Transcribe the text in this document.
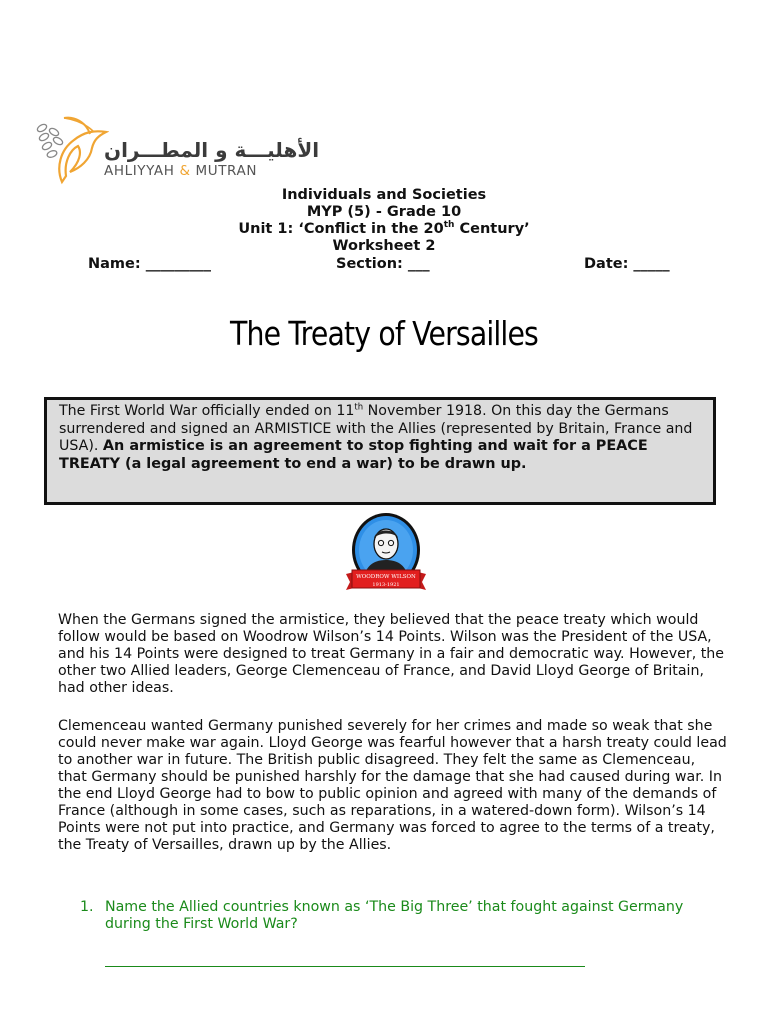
الأهليـــة و المطـــران
AHLIYYAH & MUTRAN
Individuals and Societies
MYP (5) - Grade 10
Unit 1: ‘Conflict in the 20th Century’
Worksheet 2
Name: _________	Section: ___	Date: _____
The Treaty of Versailles
The First World War officially ended on 11th November 1918. On this day the Germans surrendered and signed an ARMISTICE with the Allies (represented by Britain, France and USA). An armistice is an agreement to stop fighting and wait for a PEACE TREATY (a legal agreement to end a war) to be drawn up.
WOODROW WILSON
1913-1921
When the Germans signed the armistice, they believed that the peace treaty which would follow would be based on Woodrow Wilson’s 14 Points. Wilson was the President of the USA, and his 14 Points were designed to treat Germany in a fair and democratic way. However, the other two Allied leaders, George Clemenceau of France, and David Lloyd George of Britain, had other ideas.
Clemenceau wanted Germany punished severely for her crimes and made so weak that she could never make war again. Lloyd George was fearful however that a harsh treaty could lead to another war in future. The British public disagreed. They felt the same as Clemenceau, that Germany should be punished harshly for the damage that she had caused during war. In the end Lloyd George had to bow to public opinion and agreed with many of the demands of France (although in some cases, such as reparations, in a watered-down form). Wilson’s 14 Points were not put into practice, and Germany was forced to agree to the terms of a treaty, the Treaty of Versailles, drawn up by the Allies.
1. Name the Allied countries known as ‘The Big Three’ that fought against Germany during the First World War?
